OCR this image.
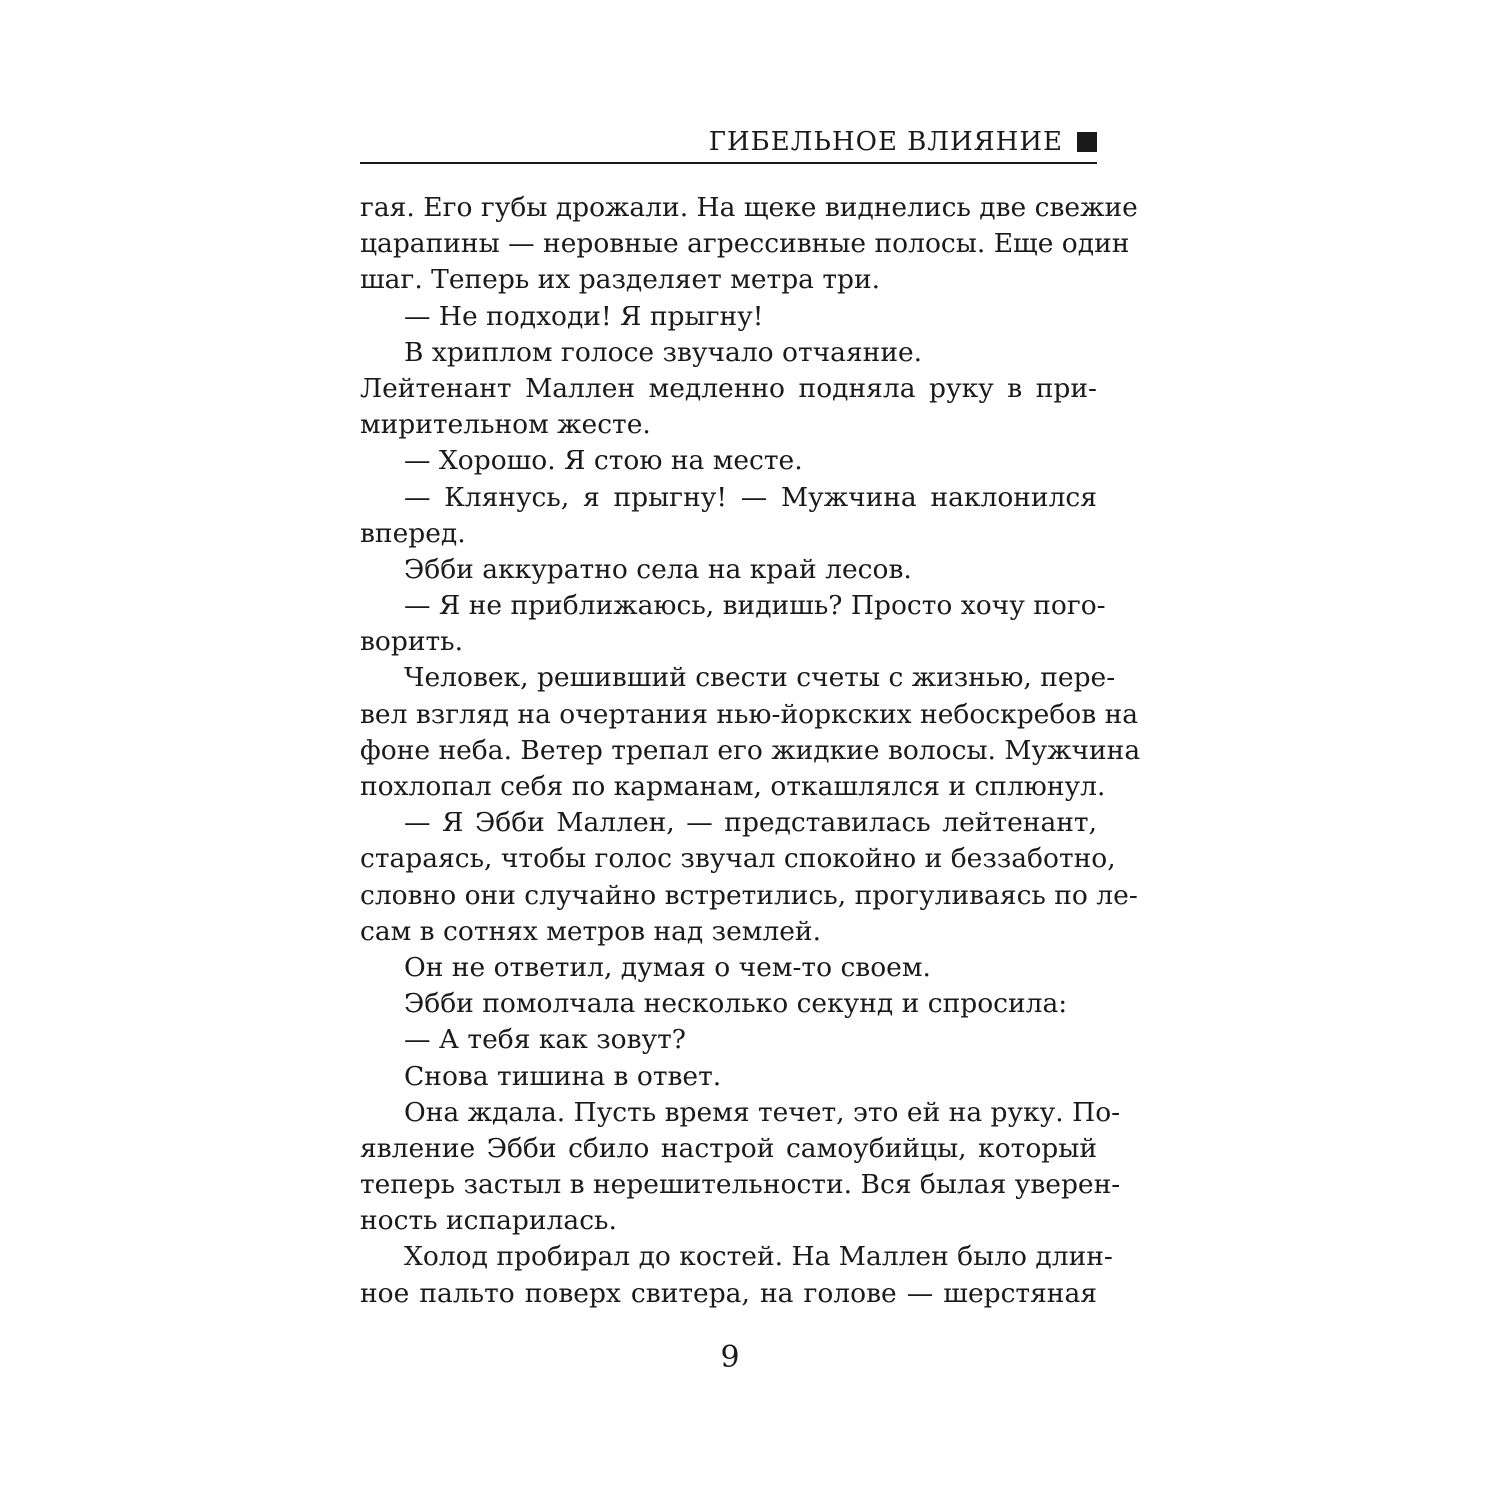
ГИБЕЛЬНОЕ ВЛИЯНИЕ
гая. Его губы дрожали. На щеке виднелись две свежие
царапины — неровные агрессивные полосы. Еще один
шаг. Теперь их разделяет метра три.
— Не подходи! Я прыгну!
В хриплом голосе звучало отчаяние.
Лейтенант Маллен медленно подняла руку в при-
мирительном жесте.
— Хорошо. Я стою на месте.
— Клянусь, я прыгну! — Мужчина наклонился
вперед.
Эбби аккуратно села на край лесов.
— Я не приближаюсь, видишь? Просто хочу пого-
ворить.
Человек, решивший свести счеты с жизнью, пере-
вел взгляд на очертания нью-йоркских небоскребов на
фоне неба. Ветер трепал его жидкие волосы. Мужчина
похлопал себя по карманам, откашлялся и сплюнул.
— Я Эбби Маллен, — представилась лейтенант,
стараясь, чтобы голос звучал спокойно и беззаботно,
словно они случайно встретились, прогуливаясь по ле-
сам в сотнях метров над землей.
Он не ответил, думая о чем-то своем.
Эбби помолчала несколько секунд и спросила:
— А тебя как зовут?
Снова тишина в ответ.
Она ждала. Пусть время течет, это ей на руку. По-
явление Эбби сбило настрой самоубийцы, который
теперь застыл в нерешительности. Вся былая уверен-
ность испарилась.
Холод пробирал до костей. На Маллен было длин-
ное пальто поверх свитера, на голове — шерстяная
9
